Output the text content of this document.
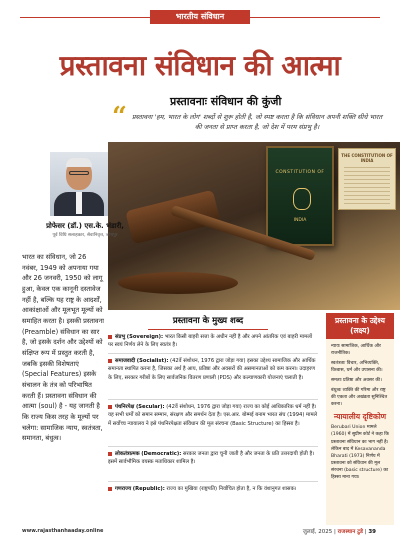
भारतीय संविधान
प्रस्तावना संविधान की आत्मा
प्रस्तावनाः संविधान की कुंजी
“ प्रस्तावना 'हम, भारत के लोग' शब्दों से शुरू होती है, जो स्पष्ट करता है कि संविधान अपनी शक्ति सीधे भारत की जनता से प्राप्त करता है, जो देश में परम संप्रभु है।
CONSTITUTION OF
INDIA
THE CONSTITUTION OF INDIA
प्रोफेसर (डॉ.) एस.के. भंडारी,
पूर्व विधि सलाहकार, सेवानिवृत्त, जोधपुर
भारत का संविधान, जो 26 नवंबर, 1949 को अपनाया गया और 26 जनवरी, 1950 को लागू हुआ, केवल एक कानूनी दस्तावेज नहीं है, बल्कि यह राष्ट्र के आदर्शों, आकांक्षाओं और मूलभूत मूल्यों को समाहित करता है। इसकी प्रस्तावना (Preamble) संविधान का सार है, जो इसके दर्शन और उद्देश्यों को संक्षिप्त रूप में प्रस्तुत करती है, जबकि इसकी विशेषताएं (Special Features) इसके संचालन के तंत्र को परिभाषित करती हैं। प्रस्तावना संविधान की आत्मा (soul) है - यह जानती है कि राज्य किस तरह के मूल्यों पर चलेगा: सामाजिक न्याय, स्वतंत्रता, समानता, बंधुत्व।
प्रस्तावना के मुख्य शब्द
संप्रभु (Sovereign): भारत किसी बाहरी सत्ता के अधीन नहीं है और अपने आंतरिक एवं बाहरी मामलों पर स्वयं निर्णय लेने के लिए स्वतंत्र है।
समाजवादी (Socialist): (42वें संशोधन, 1976 द्वारा जोड़ा गया) इसका उद्देश्य सामाजिक और आर्थिक समानता स्थापित करना है, जिसका अर्थ है आय, प्रतिष्ठा और अवसरों की असमानताओं को कम करना। उदाहरण के लिए, सरकार गरीबों के लिए सार्वजनिक वितरण प्रणाली (PDS) और कल्याणकारी योजनाएं चलाती है।
पंथनिरपेक्ष (Secular): (42वें संशोधन, 1976 द्वारा जोड़ा गया) राज्य का कोई आधिकारिक धर्म नहीं है। यह सभी धर्मों को समान सम्मान, संरक्षण और समर्थन देता है। एस.आर. बोम्मई बनाम भारत संघ (1994) मामले में सर्वोच्च न्यायालय ने इसे पंथनिरपेक्षता संविधान की मूल संरचना (Basic Structure) का हिस्सा है।
लोकतंत्रात्मक (Democratic): सरकार जनता द्वारा चुनी जाती है और जनता के प्रति उत्तरदायी होती है। इसमें सार्वभौमिक वयस्क मताधिकार शामिल है।
गणराज्य (Republic): राज्य का मुखिया (राष्ट्रपति) निर्वाचित होता है, न कि वंशानुगत शासक।
प्रस्तावना के उद्देश्य (लक्ष्य)
न्यायः सामाजिक, आर्थिक और राजनीतिक।
स्वतंत्रताः विचार, अभिव्यक्ति, विश्वास, धर्म और उपासना की।
समताः प्रतिष्ठा और अवसर की।
बंधुत्वः व्यक्ति की गरिमा और राष्ट्र की एकता और अखंडता सुनिश्चित करना।
न्यायालीय दृष्टिकोण
Berubari Union मामले (1960) में सुप्रीम कोर्ट ने कहा कि प्रस्तावना संविधान का भाग नहीं है। लेकिन बाद में Kesavananda Bharati (1973) निर्णय में प्रस्तावना को संविधान की मूल संरचना (basic structure) का हिस्सा माना गया।
www.rajasthanhaaday.online	जुलाई, 2025 | राजस्थान टुडे | 39
